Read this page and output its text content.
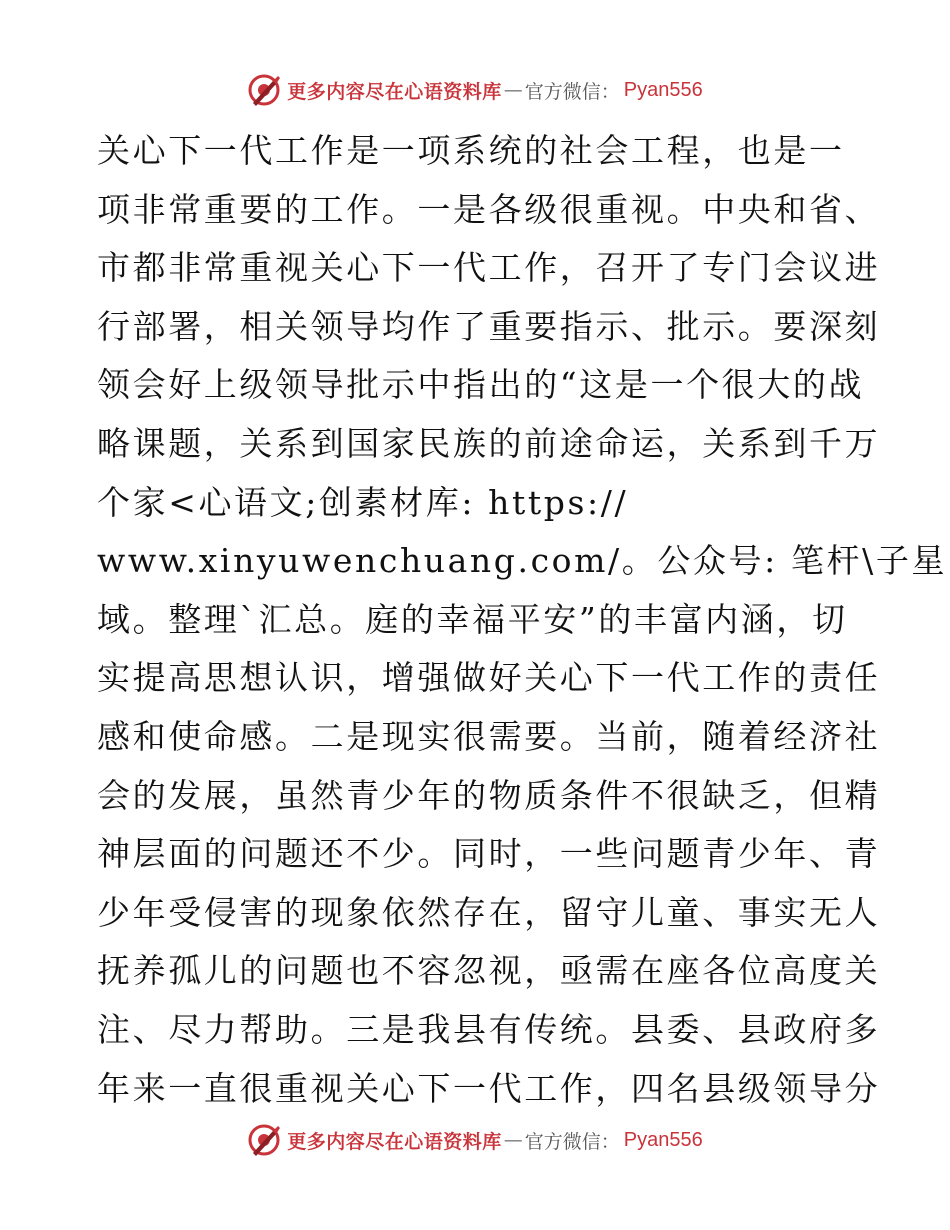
更多内容尽在心语资料库 — 官方微信： Pyan556
关心下一代工作是一项系统的社会工程，也是一
项非常重要的工作。一是各级很重视。中央和省、
市都非常重视关心下一代工作，召开了专门会议进
行部署，相关领导均作了重要指示、批示。要深刻
领会好上级领导批示中指出的“这是一个很大的战
略课题，关系到国家民族的前途命运，关系到千万
个家<心语文;创素材库: https://
www.xinyuwenchuang.com/。公众号: 笔杆\子星
域。整理`汇总。庭的幸福平安”的丰富内涵，切
实提高思想认识，增强做好关心下一代工作的责任
感和使命感。二是现实很需要。当前，随着经济社
会的发展，虽然青少年的物质条件不很缺乏，但精
神层面的问题还不少。同时，一些问题青少年、青
少年受侵害的现象依然存在，留守儿童、事实无人
抚养孤儿的问题也不容忽视，亟需在座各位高度关
注、尽力帮助。三是我县有传统。县委、县政府多
年来一直很重视关心下一代工作，四名县级领导分
更多内容尽在心语资料库 — 官方微信： Pyan556
